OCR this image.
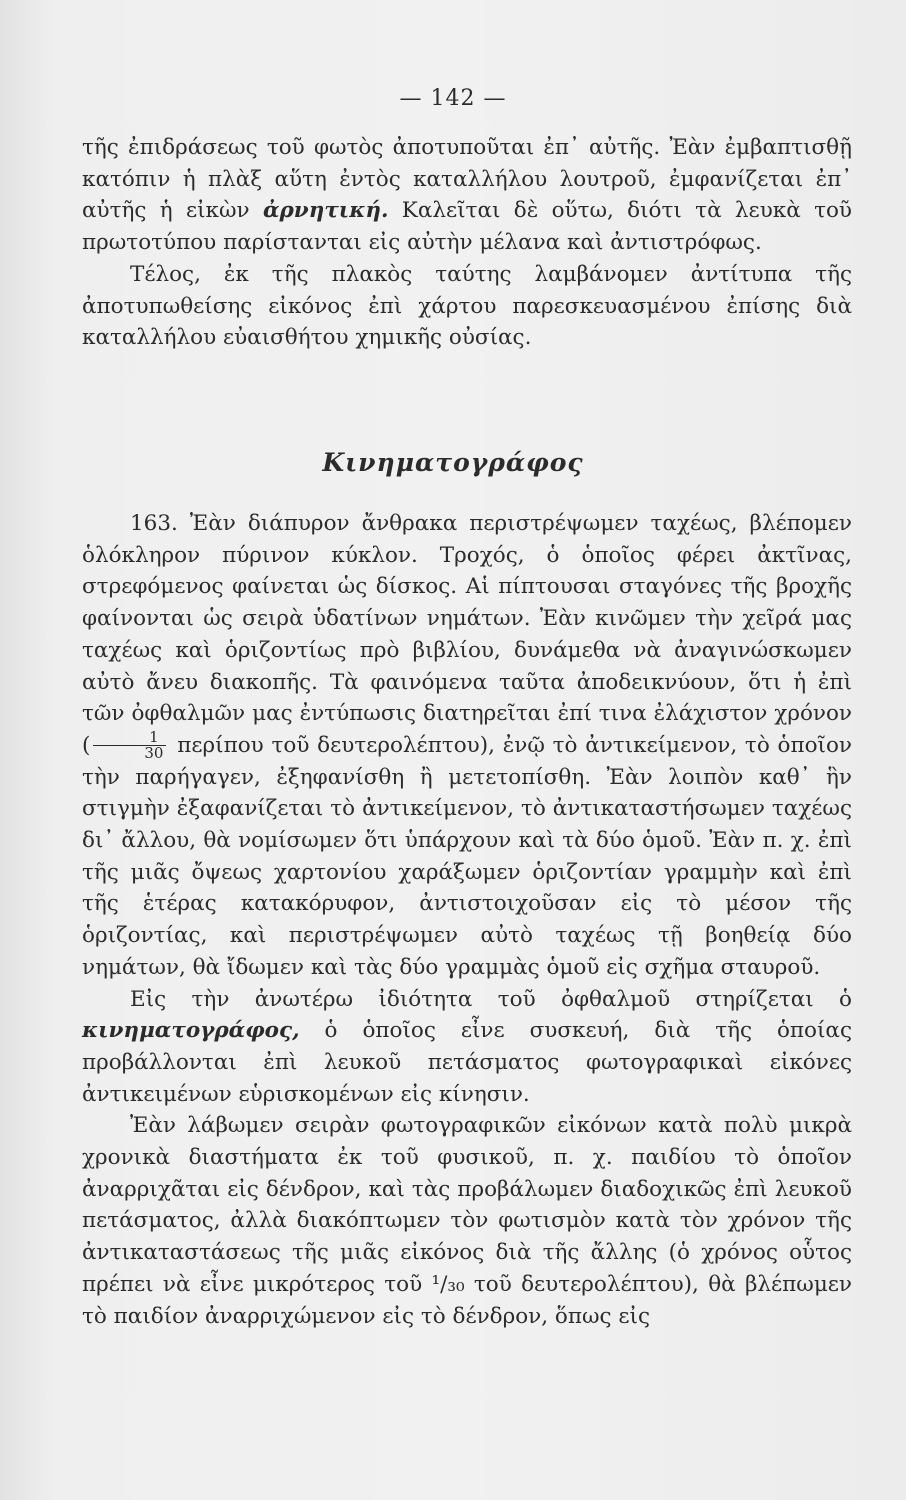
— 142 —

τῆς ἐπιδράσεως τοῦ φωτὸς ἀποτυποῦται ἐπ᾽ αὐτῆς. Ἐὰν ἐμβαπτισθῇ κατόπιν ἡ πλὰξ αὕτη ἐντὸς καταλλήλου λουτροῦ, ἐμφανίζεται ἐπ᾽ αὐτῆς ἡ εἰκὼν ἀρνητική. Καλεῖται δὲ οὕτω, διότι τὰ λευκὰ τοῦ πρωτοτύπου παρίστανται εἰς αὐτὴν μέλανα καὶ ἀντιστρόφως.

Τέλος, ἐκ τῆς πλακὸς ταύτης λαμβάνομεν ἀντίτυπα τῆς ἀποτυπωθείσης εἰκόνος ἐπὶ χάρτου παρεσκευασμένου ἐπίσης διὰ καταλλήλου εὐαισθήτου χημικῆς οὐσίας.

Κινηματογράφος

163. Ἐὰν διάπυρον ἄνθρακα περιστρέψωμεν ταχέως, βλέπομεν ὁλόκληρον πύρινον κύκλον. Τροχός, ὁ ὁποῖος φέρει ἀκτῖνας, στρεφόμενος φαίνεται ὡς δίσκος. Αἱ πίπτουσαι σταγόνες τῆς βροχῆς φαίνονται ὡς σειρὰ ὑδατίνων νημάτων. Ἐὰν κινῶμεν τὴν χεῖρά μας ταχέως καὶ ὁριζοντίως πρὸ βιβλίου, δυνάμεθα νὰ ἀναγινώσκωμεν αὐτὸ ἄνευ διακοπῆς. Τὰ φαινόμενα ταῦτα ἀποδεικνύουν, ὅτι ἡ ἐπὶ τῶν ὀφθαλμῶν μας ἐντύπωσις διατηρεῖται ἐπί τινα ἐλάχιστον χρόνον ( $\frac{1}{30}$ περίπου τοῦ δευτερολέπτου), ἐνῷ τὸ ἀντικείμενον, τὸ ὁποῖον τὴν παρήγαγεν, ἐξηφανίσθη ἢ μετετοπίσθη. Ἐὰν λοιπὸν καθ᾽ ἣν στιγμὴν ἐξαφανίζεται τὸ ἀντικείμενον, τὸ ἀντικαταστήσωμεν ταχέως δι᾽ ἄλλου, θὰ νομίσωμεν ὅτι ὑπάρχουν καὶ τὰ δύο ὁμοῦ. Ἐὰν π. χ. ἐπὶ τῆς μιᾶς ὄψεως χαρτονίου χαράξωμεν ὁριζοντίαν γραμμὴν καὶ ἐπὶ τῆς ἑτέρας κατακόρυφον, ἀντιστοιχοῦσαν εἰς τὸ μέσον τῆς ὁριζοντίας, καὶ περιστρέψωμεν αὐτὸ ταχέως τῇ βοηθείᾳ δύο νημάτων, θὰ ἴδωμεν καὶ τὰς δύο γραμμὰς ὁμοῦ εἰς σχῆμα σταυροῦ.

Εἰς τὴν ἀνωτέρω ἰδιότητα τοῦ ὀφθαλμοῦ στηρίζεται ὁ κινηματογράφος, ὁ ὁποῖος εἶνε συσκευή, διὰ τῆς ὁποίας προβάλλονται ἐπὶ λευκοῦ πετάσματος φωτογραφικαὶ εἰκόνες ἀντικειμένων εὑρισκομένων εἰς κίνησιν.

Ἐὰν λάβωμεν σειρὰν φωτογραφικῶν εἰκόνων κατὰ πολὺ μικρὰ χρονικὰ διαστήματα ἐκ τοῦ φυσικοῦ, π. χ. παιδίου τὸ ὁποῖον ἀναρριχᾶται εἰς δένδρον, καὶ τὰς προβάλωμεν διαδοχικῶς ἐπὶ λευκοῦ πετάσματος, ἀλλὰ διακόπτωμεν τὸν φωτισμὸν κατὰ τὸν χρόνον τῆς ἀντικαταστάσεως τῆς μιᾶς εἰκόνος διὰ τῆς ἄλλης (ὁ χρόνος οὗτος πρέπει νὰ εἶνε μικρότερος τοῦ ¹/₃₀ τοῦ δευτερολέπτου), θὰ βλέπωμεν τὸ παιδίον ἀναρριχώμενον εἰς τὸ δένδρον, ὅπως εἰς
